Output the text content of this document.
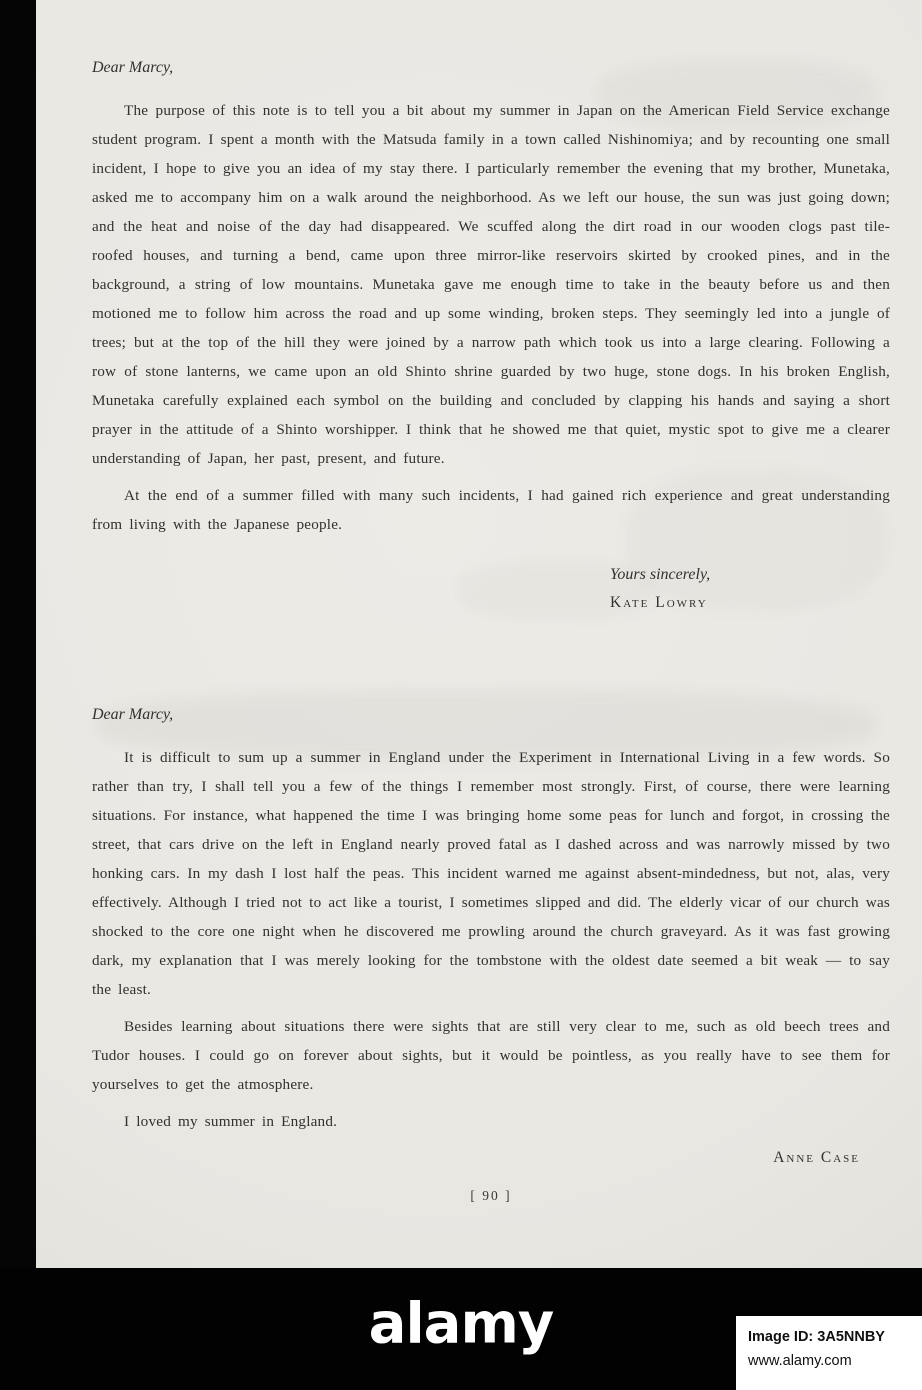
Dear Marcy,

The purpose of this note is to tell you a bit about my summer in Japan on the American Field Service exchange student program. I spent a month with the Matsuda family in a town called Nishinomiya; and by recounting one small incident, I hope to give you an idea of my stay there. I particularly remember the evening that my brother, Munetaka, asked me to accompany him on a walk around the neighborhood. As we left our house, the sun was just going down; and the heat and noise of the day had disappeared. We scuffed along the dirt road in our wooden clogs past tile-roofed houses, and turning a bend, came upon three mirror-like reservoirs skirted by crooked pines, and in the background, a string of low mountains. Munetaka gave me enough time to take in the beauty before us and then motioned me to follow him across the road and up some winding, broken steps. They seemingly led into a jungle of trees; but at the top of the hill they were joined by a narrow path which took us into a large clearing. Following a row of stone lanterns, we came upon an old Shinto shrine guarded by two huge, stone dogs. In his broken English, Munetaka carefully explained each symbol on the building and concluded by clapping his hands and saying a short prayer in the attitude of a Shinto worshipper. I think that he showed me that quiet, mystic spot to give me a clearer understanding of Japan, her past, present, and future.

At the end of a summer filled with many such incidents, I had gained rich experience and great understanding from living with the Japanese people.

Yours sincerely,

Kate Lowry

Dear Marcy,

It is difficult to sum up a summer in England under the Experiment in International Living in a few words. So rather than try, I shall tell you a few of the things I remember most strongly. First, of course, there were learning situations. For instance, what happened the time I was bringing home some peas for lunch and forgot, in crossing the street, that cars drive on the left in England nearly proved fatal as I dashed across and was narrowly missed by two honking cars. In my dash I lost half the peas. This incident warned me against absent-mindedness, but not, alas, very effectively. Although I tried not to act like a tourist, I sometimes slipped and did. The elderly vicar of our church was shocked to the core one night when he discovered me prowling around the church graveyard. As it was fast growing dark, my explanation that I was merely looking for the tombstone with the oldest date seemed a bit weak — to say the least.

Besides learning about situations there were sights that are still very clear to me, such as old beech trees and Tudor houses. I could go on forever about sights, but it would be pointless, as you really have to see them for yourselves to get the atmosphere.

I loved my summer in England.

Anne Case

[ 90 ]

alamy	Image ID: 3A5NNBY
www.alamy.com
